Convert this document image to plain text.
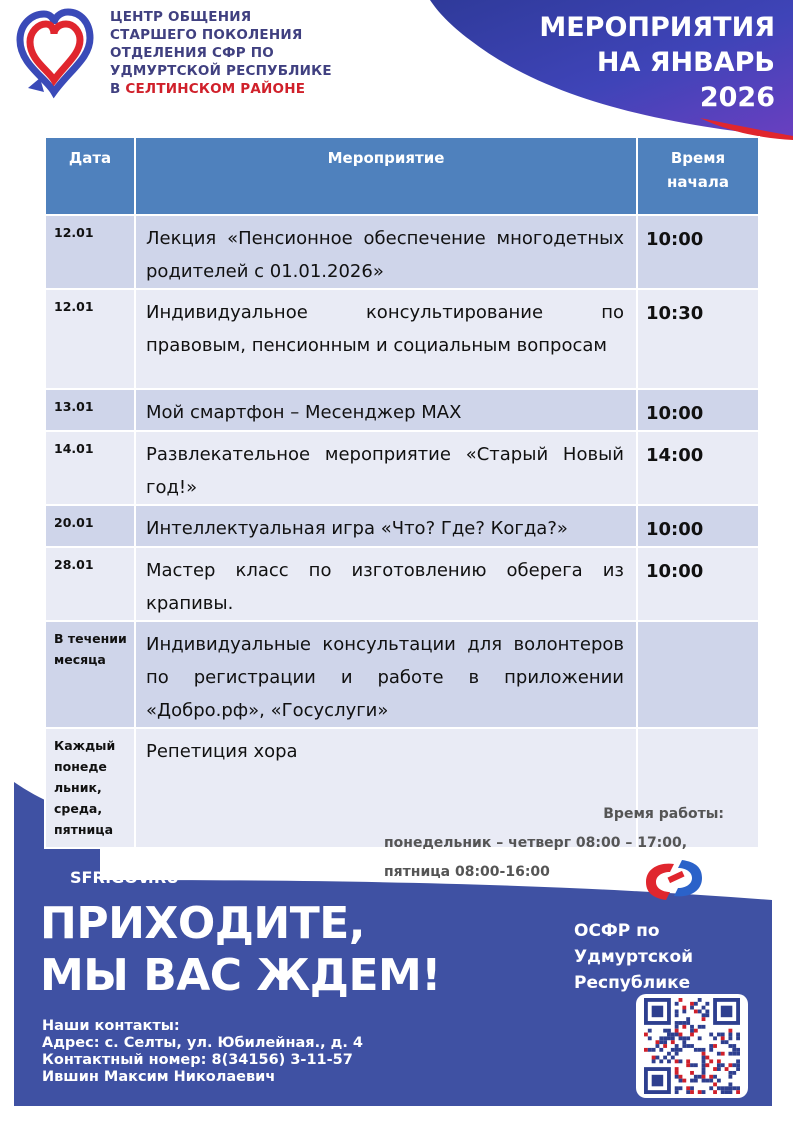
ЦЕНТР ОБЩЕНИЯ
СТАРШЕГО ПОКОЛЕНИЯ
ОТДЕЛЕНИЯ СФР ПО
УДМУРТСКОЙ РЕСПУБЛИКЕ
В СЕЛТИНСКОМ РАЙОНЕ
МЕРОПРИЯТИЯ
НА ЯНВАРЬ
2026
Дата	Мероприятие	Время начала
12.01	Лекция «Пенсионное обеспечение многодетных родителей с 01.01.2026»	10:00
12.01	Индивидуальное консультирование по правовым, пенсионным и социальным вопросам	10:30
13.01	Мой смартфон – Месенджер MAX	10:00
14.01	Развлекательное мероприятие «Старый Новый год!»	14:00
20.01	Интеллектуальная игра «Что? Где? Когда?»	10:00
28.01	Мастер класс по изготовлению оберега из крапивы.	10:00
В течении месяца	Индивидуальные консультации для волонтеров по регистрации и работе в приложении «Добро.рф», «Госуслуги»	
Каждый понеде льник, среда, пятница	Репетиция хора	
Время работы:
понедельник – четверг 08:00 – 17:00,
пятница 08:00-16:00
SFR.GOV.RU
ПРИХОДИТЕ,
МЫ ВАС ЖДЕМ!
Наши контакты:
Адрес: с. Селты, ул. Юбилейная., д. 4
Контактный номер: 8(34156) 3-11-57
Ившин Максим Николаевич
ОСФР по
Удмуртской
Республике
